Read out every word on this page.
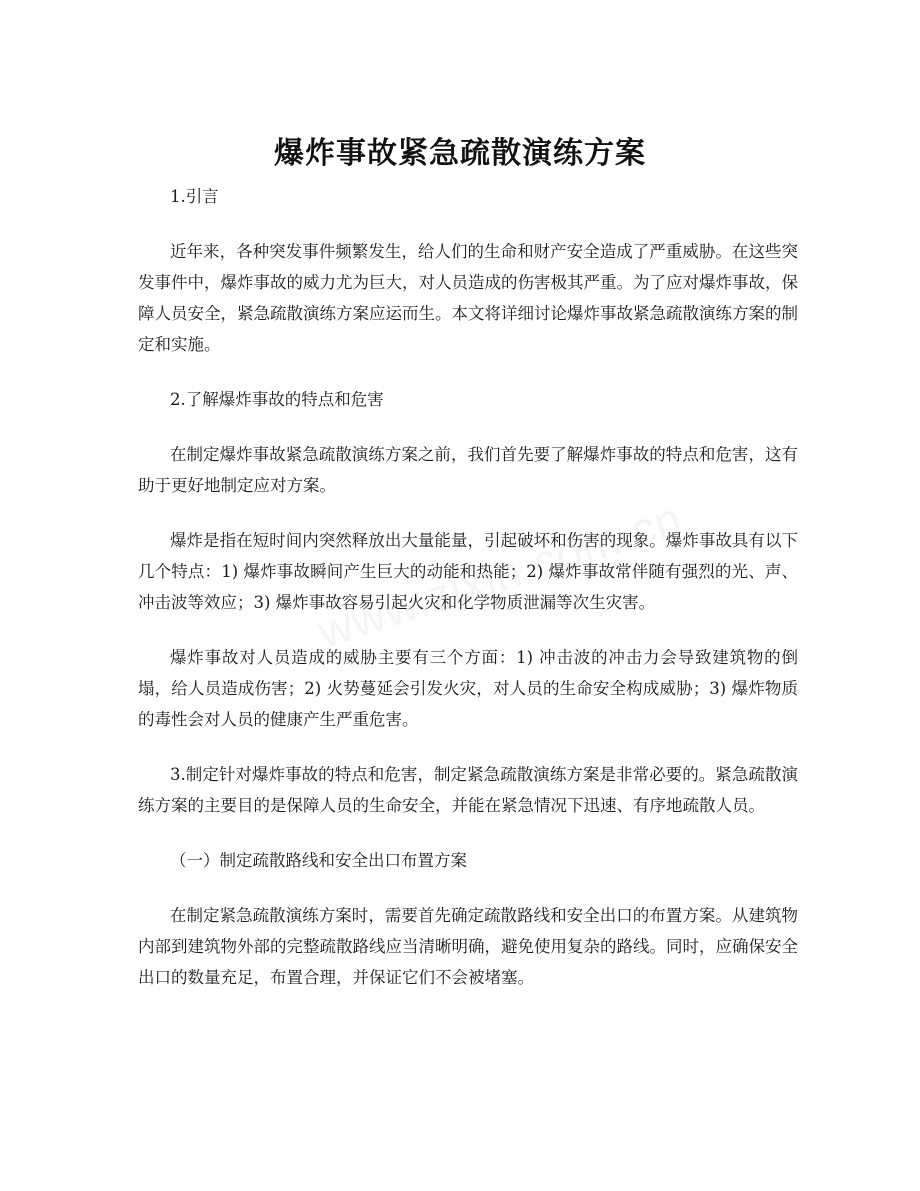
爆炸事故紧急疏散演练方案

1.引言

近年来，各种突发事件频繁发生，给人们的生命和财产安全造成了严重威胁。在这些突发事件中，爆炸事故的威力尤为巨大，对人员造成的伤害极其严重。为了应对爆炸事故，保障人员安全，紧急疏散演练方案应运而生。本文将详细讨论爆炸事故紧急疏散演练方案的制定和实施。

2.了解爆炸事故的特点和危害

在制定爆炸事故紧急疏散演练方案之前，我们首先要了解爆炸事故的特点和危害，这有助于更好地制定应对方案。

爆炸是指在短时间内突然释放出大量能量，引起破坏和伤害的现象。爆炸事故具有以下几个特点：1) 爆炸事故瞬间产生巨大的动能和热能；2) 爆炸事故常伴随有强烈的光、声、冲击波等效应；3) 爆炸事故容易引起火灾和化学物质泄漏等次生灾害。

爆炸事故对人员造成的威胁主要有三个方面：1) 冲击波的冲击力会导致建筑物的倒塌，给人员造成伤害；2) 火势蔓延会引发火灾，对人员的生命安全构成威胁；3) 爆炸物质的毒性会对人员的健康产生严重危害。

3.制定针对爆炸事故的特点和危害，制定紧急疏散演练方案是非常必要的。紧急疏散演练方案的主要目的是保障人员的生命安全，并能在紧急情况下迅速、有序地疏散人员。

（一）制定疏散路线和安全出口布置方案

在制定紧急疏散演练方案时，需要首先确定疏散路线和安全出口的布置方案。从建筑物内部到建筑物外部的完整疏散路线应当清晰明确，避免使用复杂的路线。同时，应确保安全出口的数量充足，布置合理，并保证它们不会被堵塞。
